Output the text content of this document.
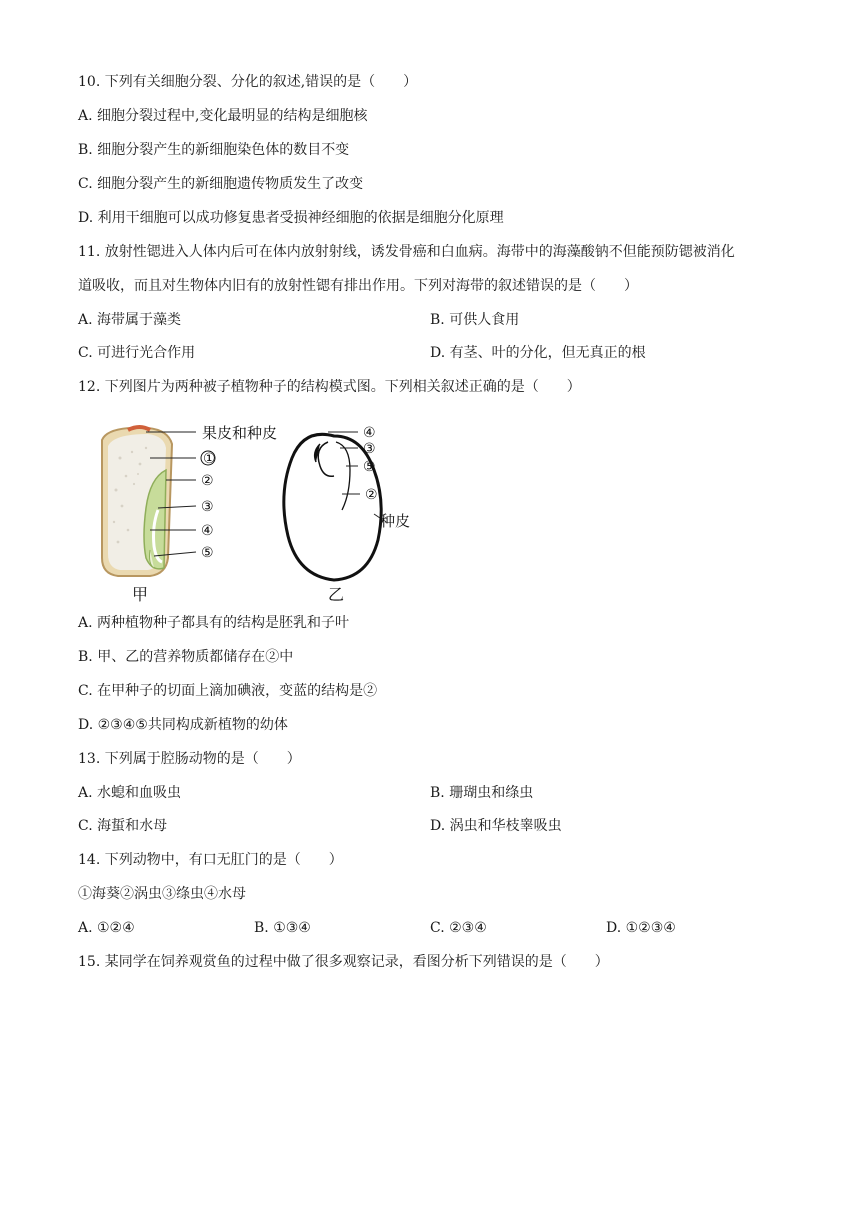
10. 下列有关细胞分裂、分化的叙述,错误的是（　　）
A. 细胞分裂过程中,变化最明显的结构是细胞核
B. 细胞分裂产生的新细胞染色体的数目不变
C. 细胞分裂产生的新细胞遗传物质发生了改变
D. 利用干细胞可以成功修复患者受损神经细胞的依据是细胞分化原理
11. 放射性锶进入人体内后可在体内放射射线，诱发骨癌和白血病。海带中的海藻酸钠不但能预防锶被消化
道吸收，而且对生物体内旧有的放射性锶有排出作用。下列对海带的叙述错误的是（　　）
A. 海带属于藻类	B. 可供人食用
C. 可进行光合作用	D. 有茎、叶的分化，但无真正的根
12. 下列图片为两种被子植物种子的结构模式图。下列相关叙述正确的是（　　）
果皮和种皮
①
②
③
④
⑤
甲
④
③
⑤
②
种皮
乙
A. 两种植物种子都具有的结构是胚乳和子叶
B. 甲、乙的营养物质都储存在②中
C. 在甲种子的切面上滴加碘液，变蓝的结构是②
D. ②③④⑤共同构成新植物的幼体
13. 下列属于腔肠动物的是（　　）
A. 水螅和血吸虫	B. 珊瑚虫和绦虫
C. 海蜇和水母	D. 涡虫和华枝睾吸虫
14. 下列动物中，有口无肛门的是（　　）
①海葵②涡虫③绦虫④水母
A. ①②④	B. ①③④	C. ②③④	D. ①②③④
15. 某同学在饲养观赏鱼的过程中做了很多观察记录，看图分析下列错误的是（　　）
